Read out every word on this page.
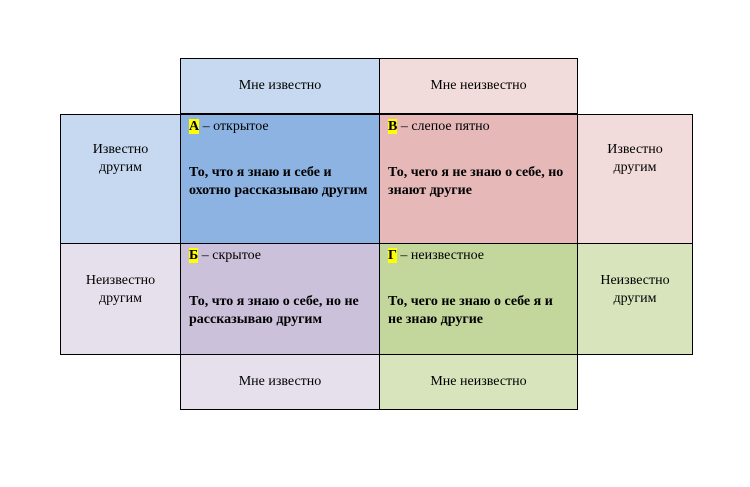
Мне известно	Мне неизвестно
Известно другим
Неизвестно другим
Известно другим
Неизвестно другим
А – открытое
То, что я знаю и себе и охотно рассказываю другим
В – слепое пятно
То, чего я не знаю о себе, но знают другие
Б – скрытое
То, что я знаю о себе, но не рассказываю другим
Г – неизвестное
То, чего не знаю о себе я и не знаю другие
Мне известно	Мне неизвестно
